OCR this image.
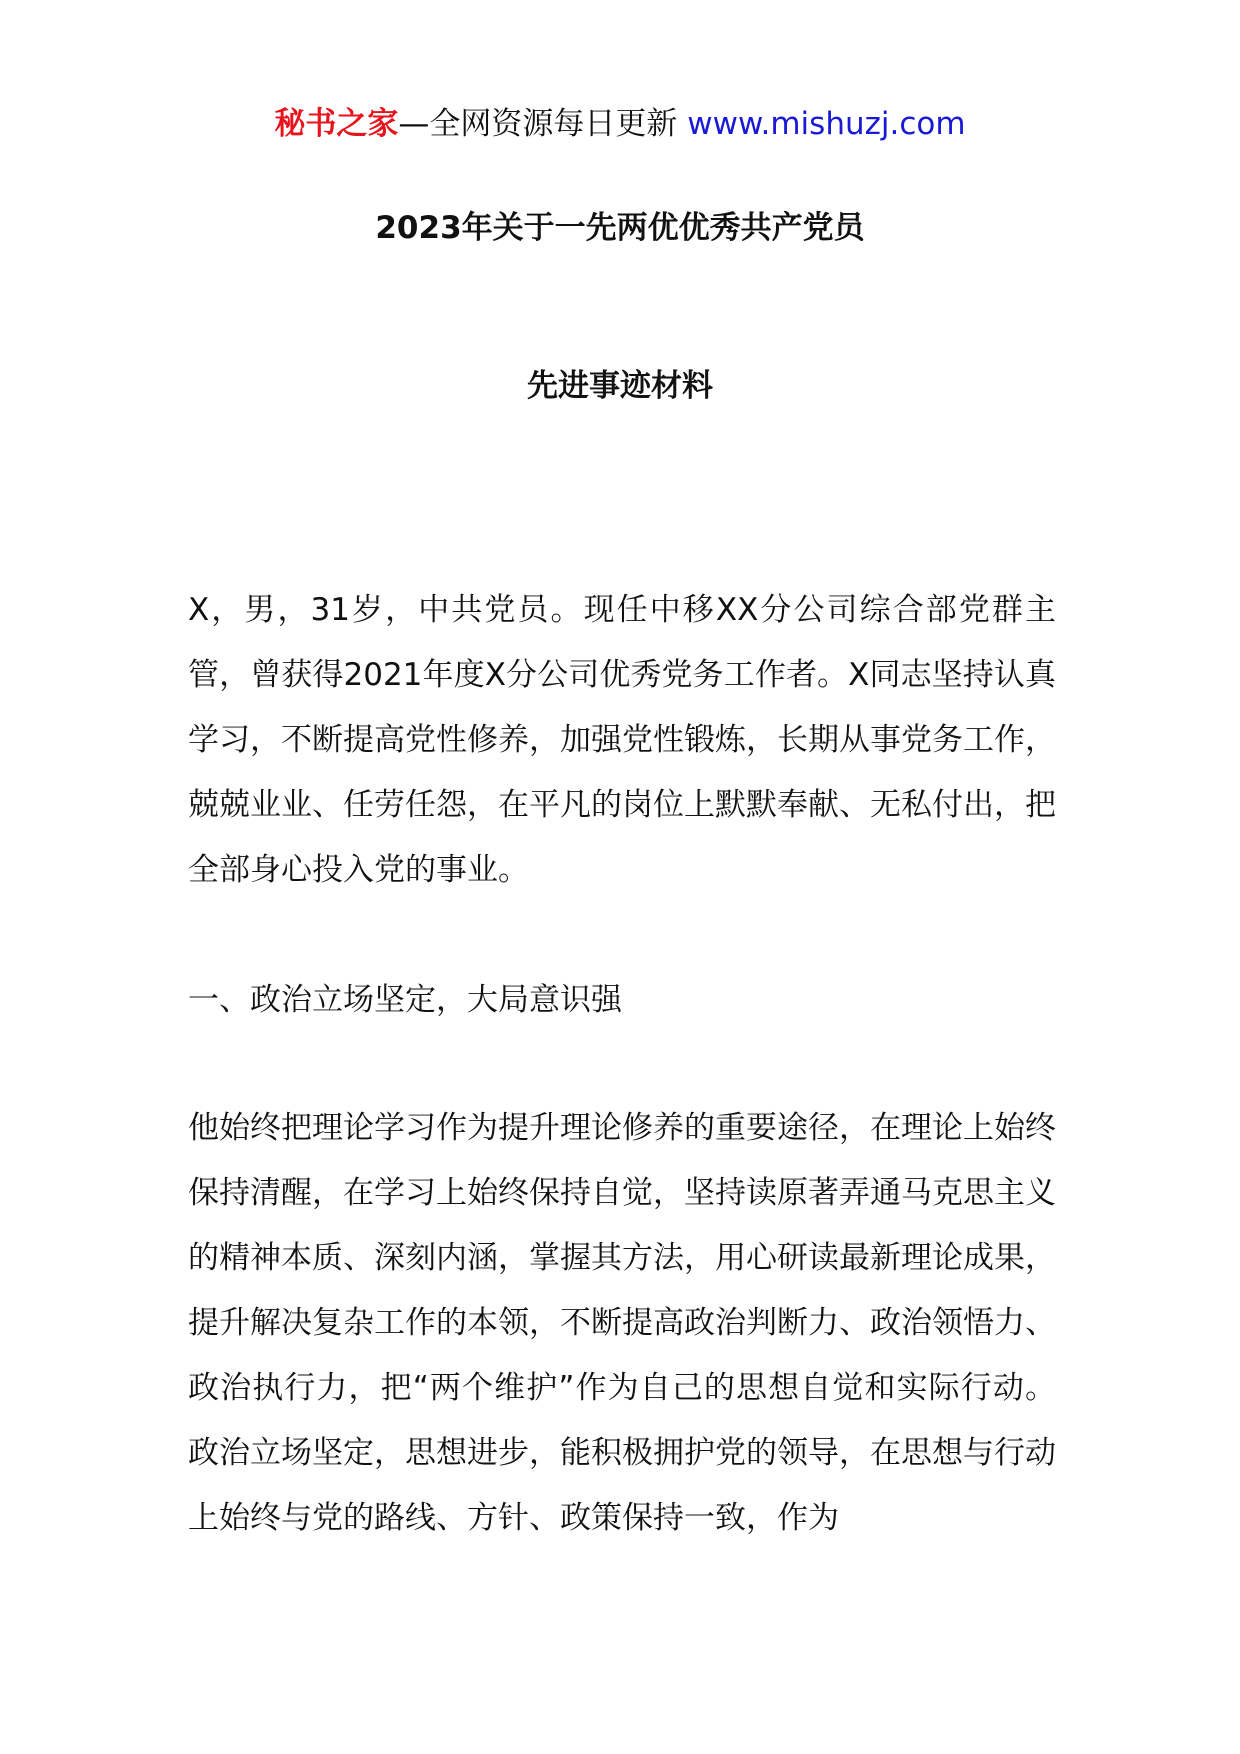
秘书之家—全网资源每日更新 www.mishuzj.com
2023年关于一先两优优秀共产党员
先进事迹材料

X，男，31岁，中共党员。现任中移XX分公司综合部党群主管，曾获得2021年度X分公司优秀党务工作者。X同志坚持认真学习，不断提高党性修养，加强党性锻炼，长期从事党务工作，兢兢业业、任劳任怨，在平凡的岗位上默默奉献、无私付出，把全部身心投入党的事业。

一、政治立场坚定，大局意识强

他始终把理论学习作为提升理论修养的重要途径，在理论上始终保持清醒，在学习上始终保持自觉，坚持读原著弄通马克思主义的精神本质、深刻内涵，掌握其方法，用心研读最新理论成果，提升解决复杂工作的本领，不断提高政治判断力、政治领悟力、政治执行力，把“两个维护”作为自己的思想自觉和实际行动。政治立场坚定，思想进步，能积极拥护党的领导，在思想与行动上始终与党的路线、方针、政策保持一致，作为
